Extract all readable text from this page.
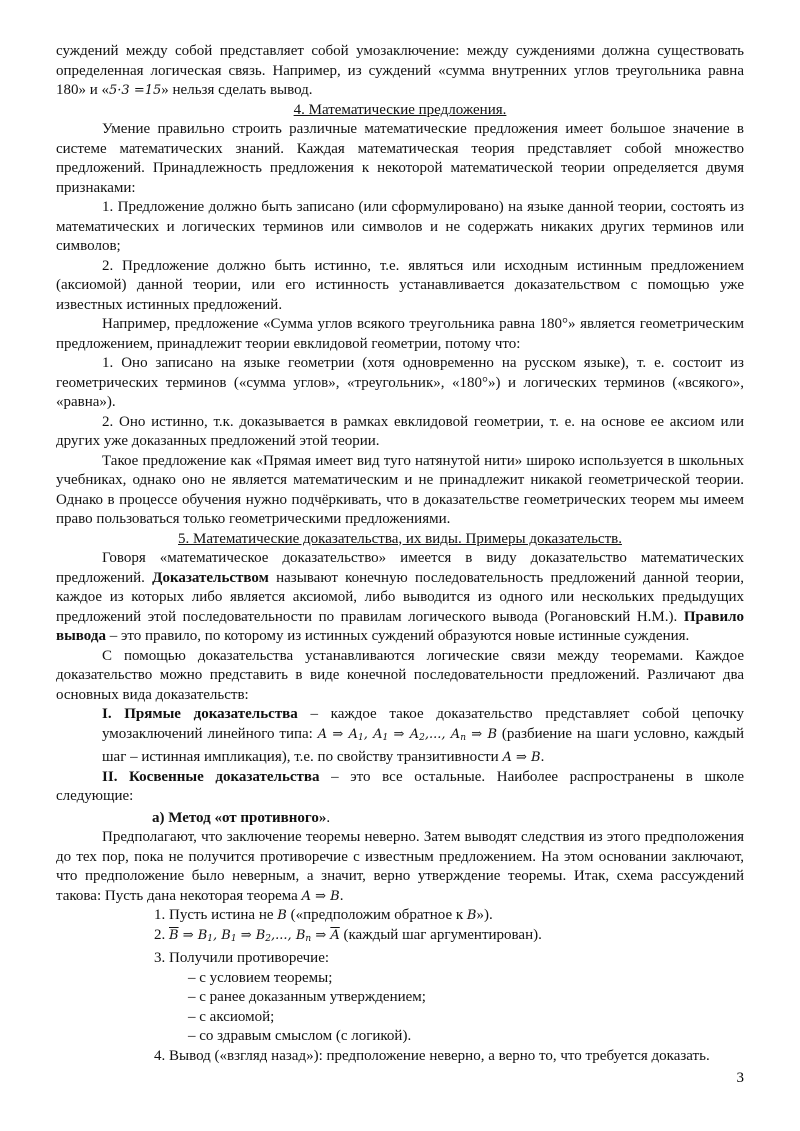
суждений между собой представляет собой умозаключение: между суждениями должна существовать определенная логическая связь. Например, из суждений «сумма внутренних углов треугольника равна 180» и «5·3 =15» нельзя сделать вывод.

4. Математические предложения.

Умение правильно строить различные математические предложения имеет большое значение в системе математических знаний. Каждая математическая теория представляет собой множество предложений. Принадлежность предложения к некоторой математической теории определяется двумя признаками:

1. Предложение должно быть записано (или сформулировано) на языке данной теории, состоять из математических и логических терминов или символов и не содержать никаких других терминов или символов;

2. Предложение должно быть истинно, т.е. являться или исходным истинным предложением (аксиомой) данной теории, или его истинность устанавливается доказательством с помощью уже известных истинных предложений.

Например, предложение «Сумма углов всякого треугольника равна 180°» является геометрическим предложением, принадлежит теории евклидовой геометрии, потому что:

1. Оно записано на языке геометрии (хотя одновременно на русском языке), т. е. состоит из геометрических терминов («сумма углов», «треугольник», «180°») и логических терминов («всякого», «равна»).

2. Оно истинно, т.к. доказывается в рамках евклидовой геометрии, т. е. на основе ее аксиом или других уже доказанных предложений этой теории.

Такое предложение как «Прямая имеет вид туго натянутой нити» широко используется в школьных учебниках, однако оно не является математическим и не принадлежит никакой геометрической теории. Однако в процессе обучения нужно подчёркивать, что в доказательстве геометрических теорем мы имеем право пользоваться только геометрическими предложениями.

5. Математические доказательства, их виды. Примеры доказательств.

Говоря «математическое доказательство» имеется в виду доказательство математических предложений. Доказательством называют конечную последовательность предложений данной теории, каждое из которых либо является аксиомой, либо выводится из одного или нескольких предыдущих предложений этой последовательности по правилам логического вывода (Рогановский Н.М.). Правило вывода – это правило, по которому из истинных суждений образуются новые истинные суждения.

С помощью доказательства устанавливаются логические связи между теоремами. Каждое доказательство можно представить в виде конечной последовательности предложений. Различают два основных вида доказательств:

I. Прямые доказательства – каждое такое доказательство представляет собой цепочку умозаключений линейного типа: A ⇒ $A_1$, $A_1$ ⇒ $A_2$,..., $A_n$ ⇒ B (разбиение на шаги условно, каждый шаг – истинная импликация), т.е. по свойству транзитивности A ⇒ B.

II. Косвенные доказательства – это все остальные. Наиболее распространены в школе следующие:

а) Метод «от противного».

Предполагают, что заключение теоремы неверно. Затем выводят следствия из этого предположения до тех пор, пока не получится противоречие с известным предложением. На этом основании заключают, что предположение было неверным, а значит, верно утверждение теоремы. Итак, схема рассуждений такова: Пусть дана некоторая теорема A ⇒ B.

1. Пусть истина не B («предположим обратное к B»).

2. $\overline{B}$ ⇒ $B_1$, $B_1$ ⇒ $B_2$,..., $B_n$ ⇒ $\overline{A}$ (каждый шаг аргументирован).

3. Получили противоречие:

– с условием теоремы;

– с ранее доказанным утверждением;

– с аксиомой;

– со здравым смыслом (с логикой).

4. Вывод («взгляд назад»): предположение неверно, а верно то, что требуется доказать.

3
